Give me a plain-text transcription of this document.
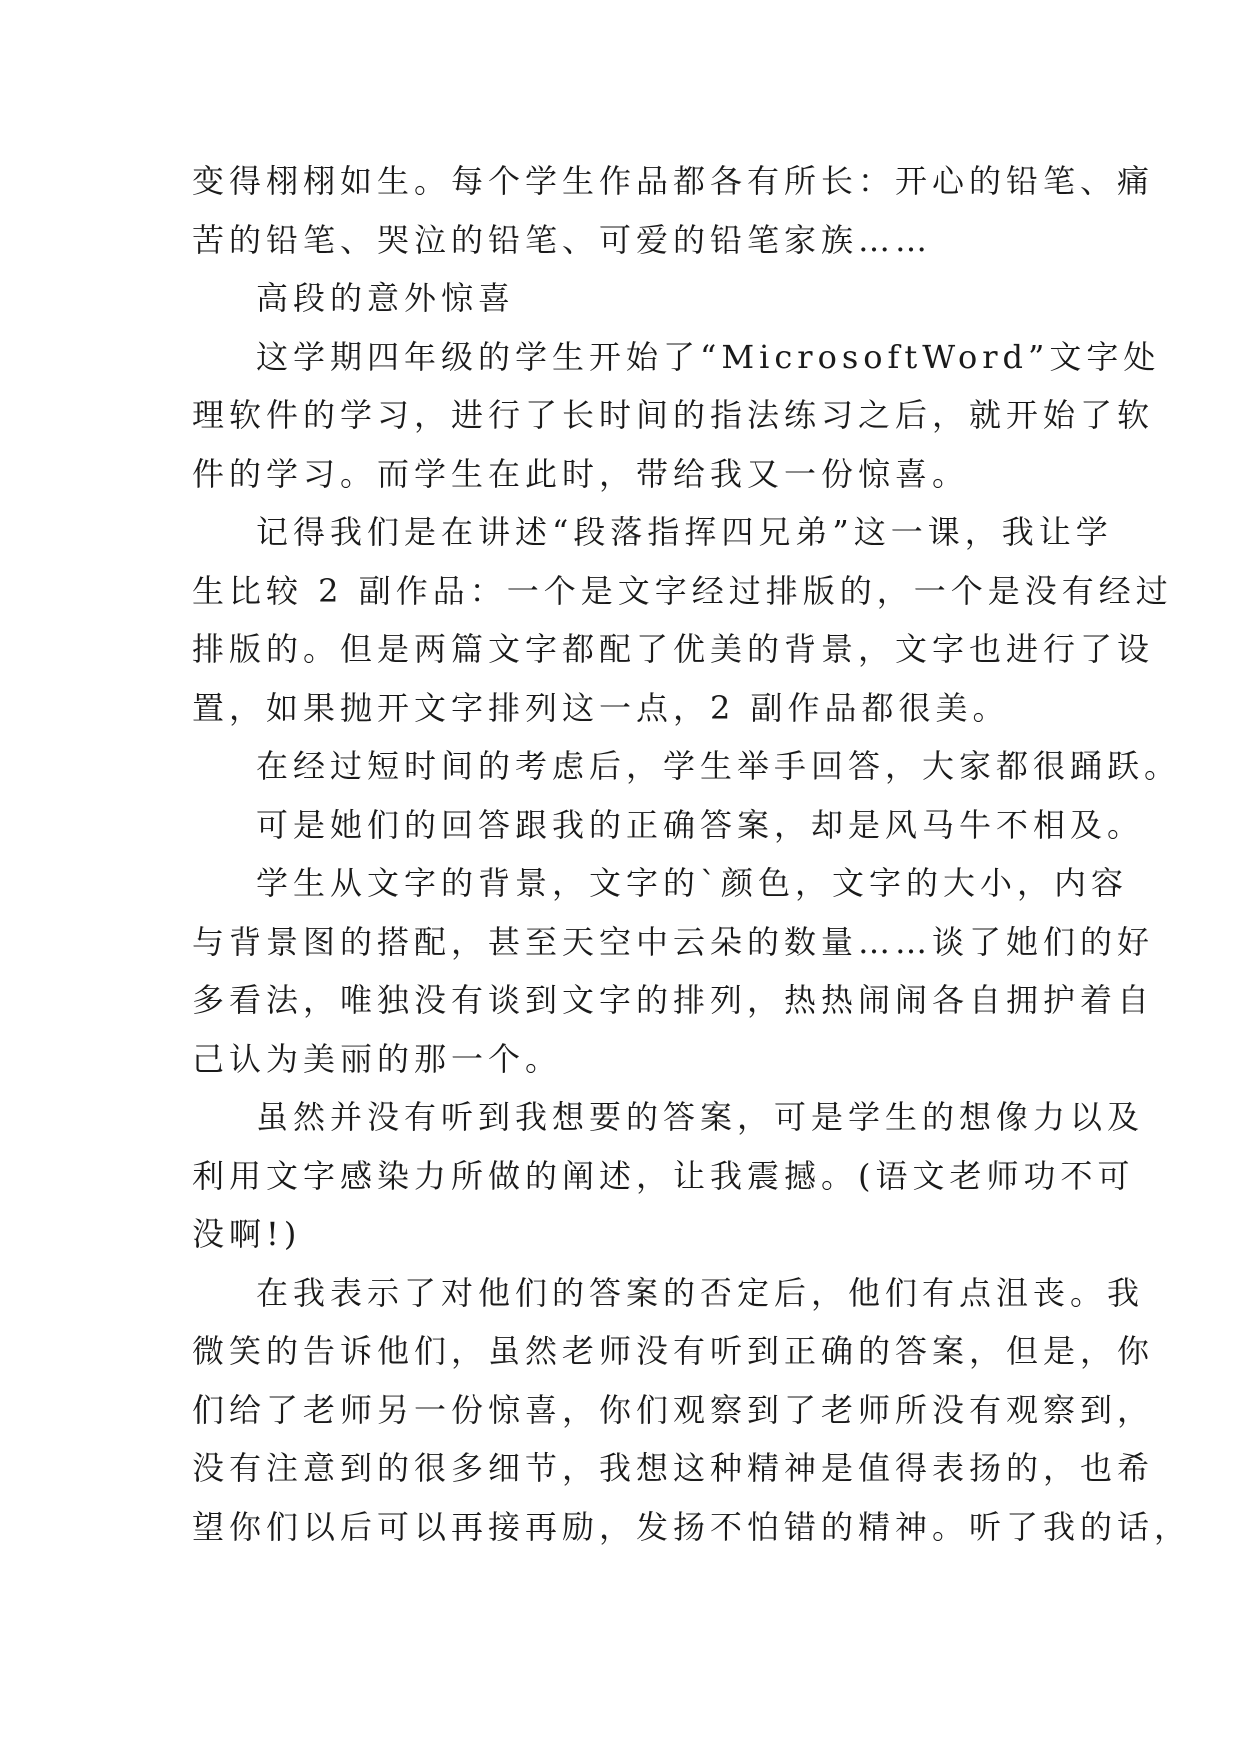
变得栩栩如生。每个学生作品都各有所长：开心的铅笔、痛
苦的铅笔、哭泣的铅笔、可爱的铅笔家族……
高段的意外惊喜
这学期四年级的学生开始了“MicrosoftWord”文字处
理软件的学习，进行了长时间的指法练习之后，就开始了软
件的学习。而学生在此时，带给我又一份惊喜。
记得我们是在讲述“段落指挥四兄弟”这一课，我让学
生比较 2 副作品：一个是文字经过排版的，一个是没有经过
排版的。但是两篇文字都配了优美的背景，文字也进行了设
置，如果抛开文字排列这一点，2 副作品都很美。
在经过短时间的考虑后，学生举手回答，大家都很踊跃。
可是她们的回答跟我的正确答案，却是风马牛不相及。
学生从文字的背景，文字的`颜色，文字的大小，内容
与背景图的搭配，甚至天空中云朵的数量……谈了她们的好
多看法，唯独没有谈到文字的排列，热热闹闹各自拥护着自
己认为美丽的那一个。
虽然并没有听到我想要的答案，可是学生的想像力以及
利用文字感染力所做的阐述，让我震撼。(语文老师功不可
没啊!)
在我表示了对他们的答案的否定后，他们有点沮丧。我
微笑的告诉他们，虽然老师没有听到正确的答案，但是，你
们给了老师另一份惊喜，你们观察到了老师所没有观察到，
没有注意到的很多细节，我想这种精神是值得表扬的，也希
望你们以后可以再接再励，发扬不怕错的精神。听了我的话，
